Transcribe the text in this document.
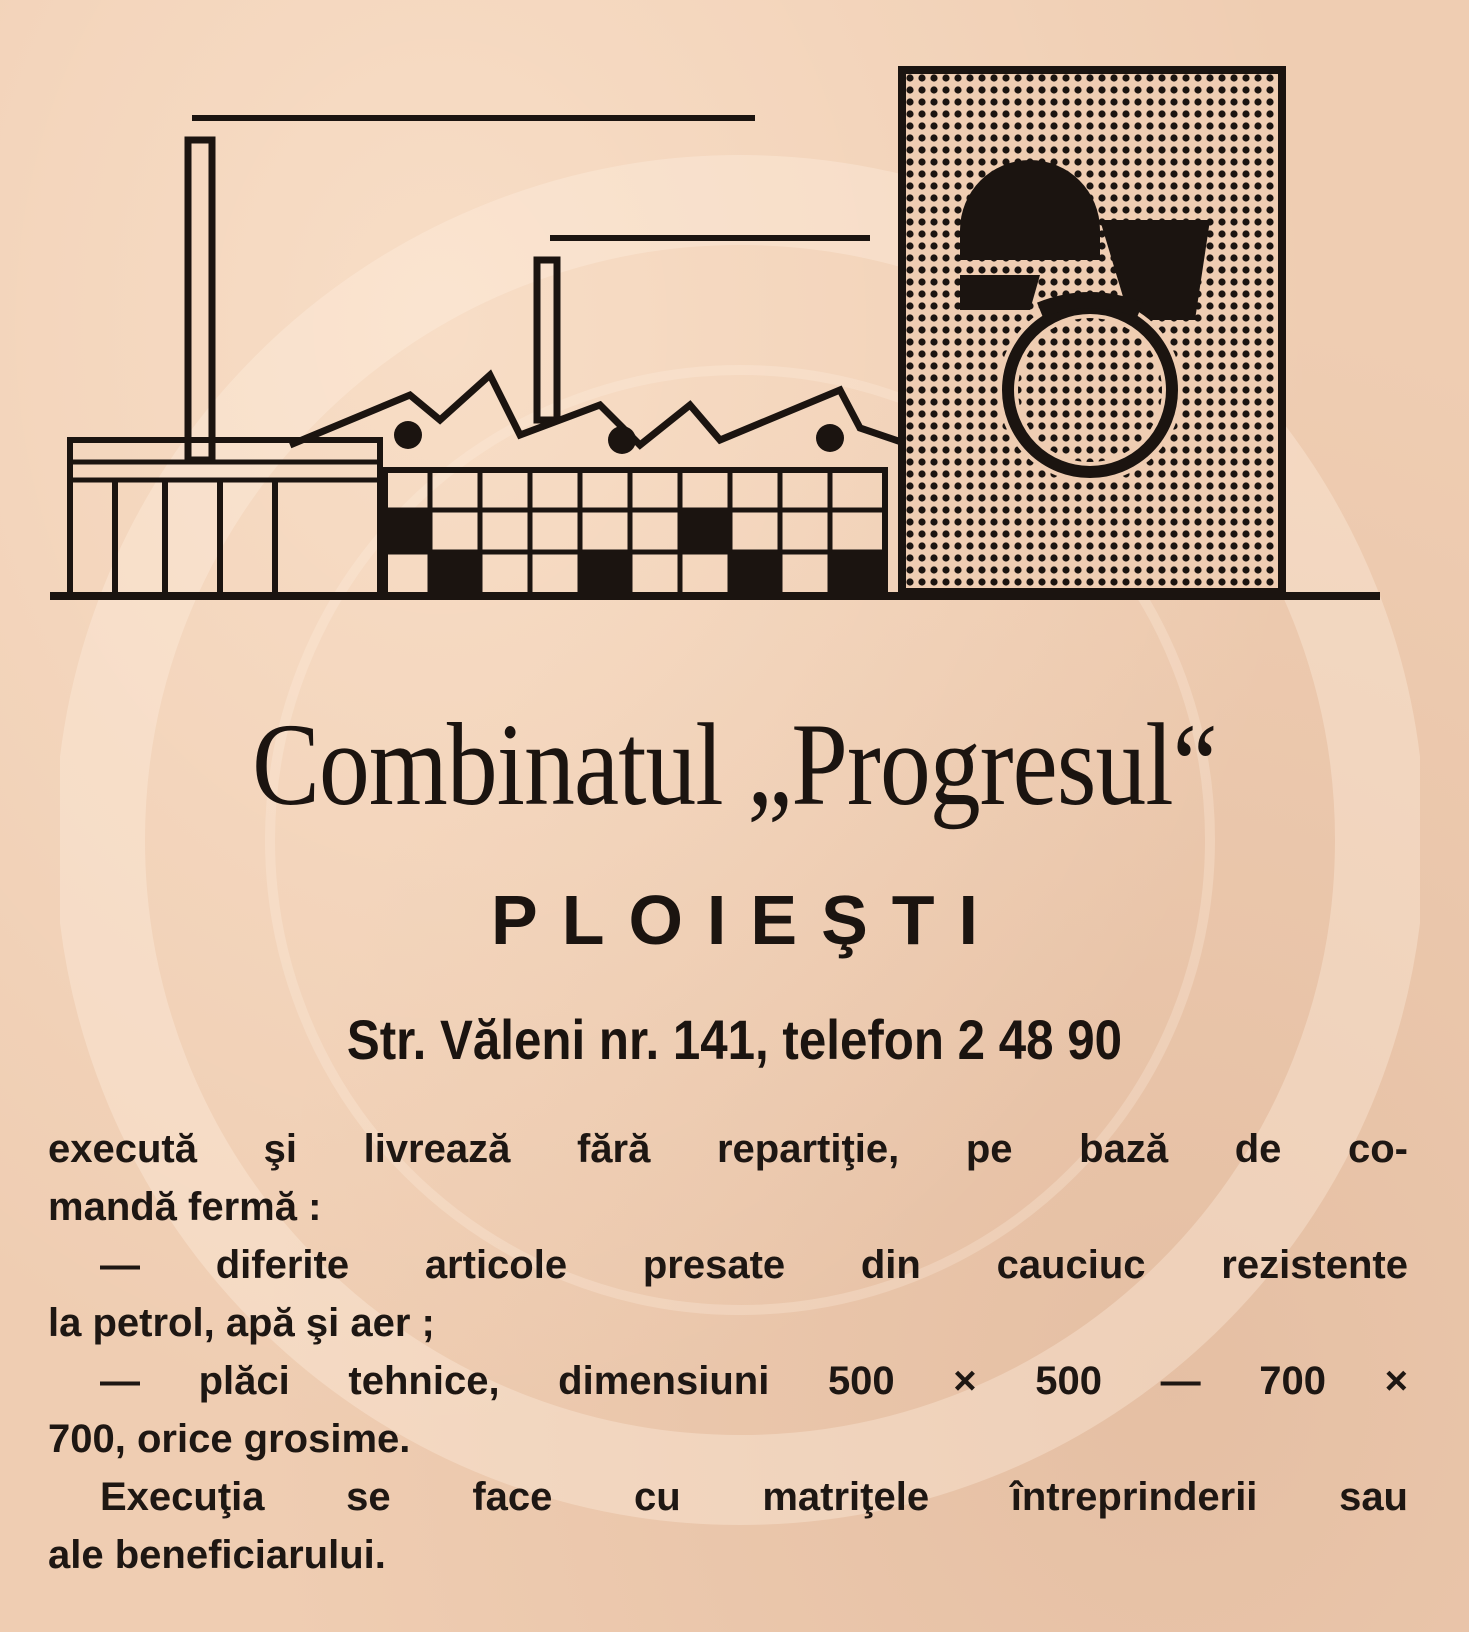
Combinatul „Progresul“
PLOIEŞTI
Str. Văleni nr. 141, telefon 2 48 90
execută şi livrează fără repartiţie, pe bază de co-
mandă fermă :
— diferite articole presate din cauciuc rezistente
la petrol, apă şi aer ;
— plăci tehnice, dimensiuni 500 × 500 — 700 ×
700, orice grosime.
Execuţia se face cu matriţele întreprinderii sau
ale beneficiarului.
